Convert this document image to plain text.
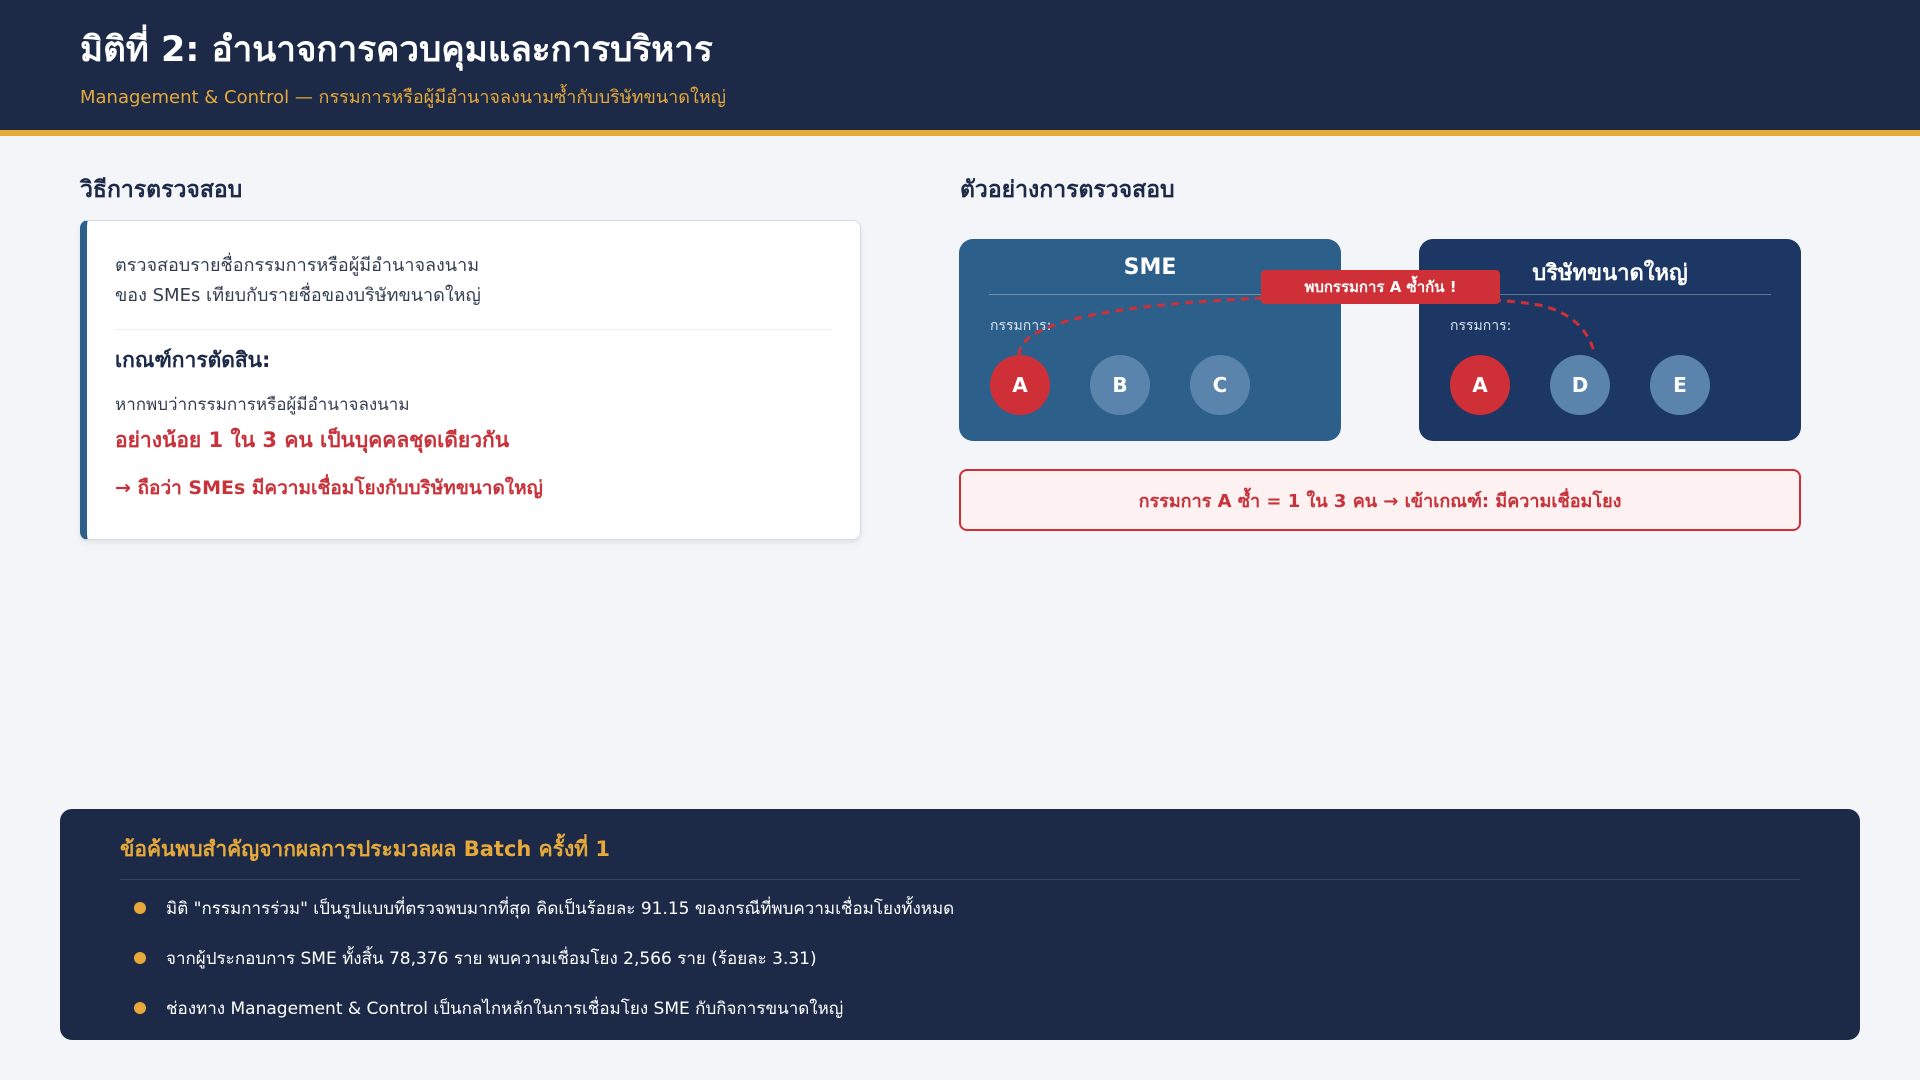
มิติที่ 2: อำนาจการควบคุมและการบริหาร
Management & Control — กรรมการหรือผู้มีอำนาจลงนามซ้ำกับบริษัทขนาดใหญ่
วิธีการตรวจสอบ
ตรวจสอบรายชื่อกรรมการหรือผู้มีอำนาจลงนาม
ของ SMEs เทียบกับรายชื่อของบริษัทขนาดใหญ่
เกณฑ์การตัดสิน:
หากพบว่ากรรมการหรือผู้มีอำนาจลงนาม
อย่างน้อย 1 ใน 3 คน เป็นบุคคลชุดเดียวกัน
→ ถือว่า SMEs มีความเชื่อมโยงกับบริษัทขนาดใหญ่
ตัวอย่างการตรวจสอบ
SME
กรรมการ:
A	B	C
บริษัทขนาดใหญ่
กรรมการ:
A	D	E
พบกรรมการ A ซ้ำกัน !
กรรมการ A ซ้ำ = 1 ใน 3 คน → เข้าเกณฑ์: มีความเชื่อมโยง
ข้อค้นพบสำคัญจากผลการประมวลผล Batch ครั้งที่ 1
มิติ "กรรมการร่วม" เป็นรูปแบบที่ตรวจพบมากที่สุด คิดเป็นร้อยละ 91.15 ของกรณีที่พบความเชื่อมโยงทั้งหมด
จากผู้ประกอบการ SME ทั้งสิ้น 78,376 ราย พบความเชื่อมโยง 2,566 ราย (ร้อยละ 3.31)
ช่องทาง Management & Control เป็นกลไกหลักในการเชื่อมโยง SME กับกิจการขนาดใหญ่
